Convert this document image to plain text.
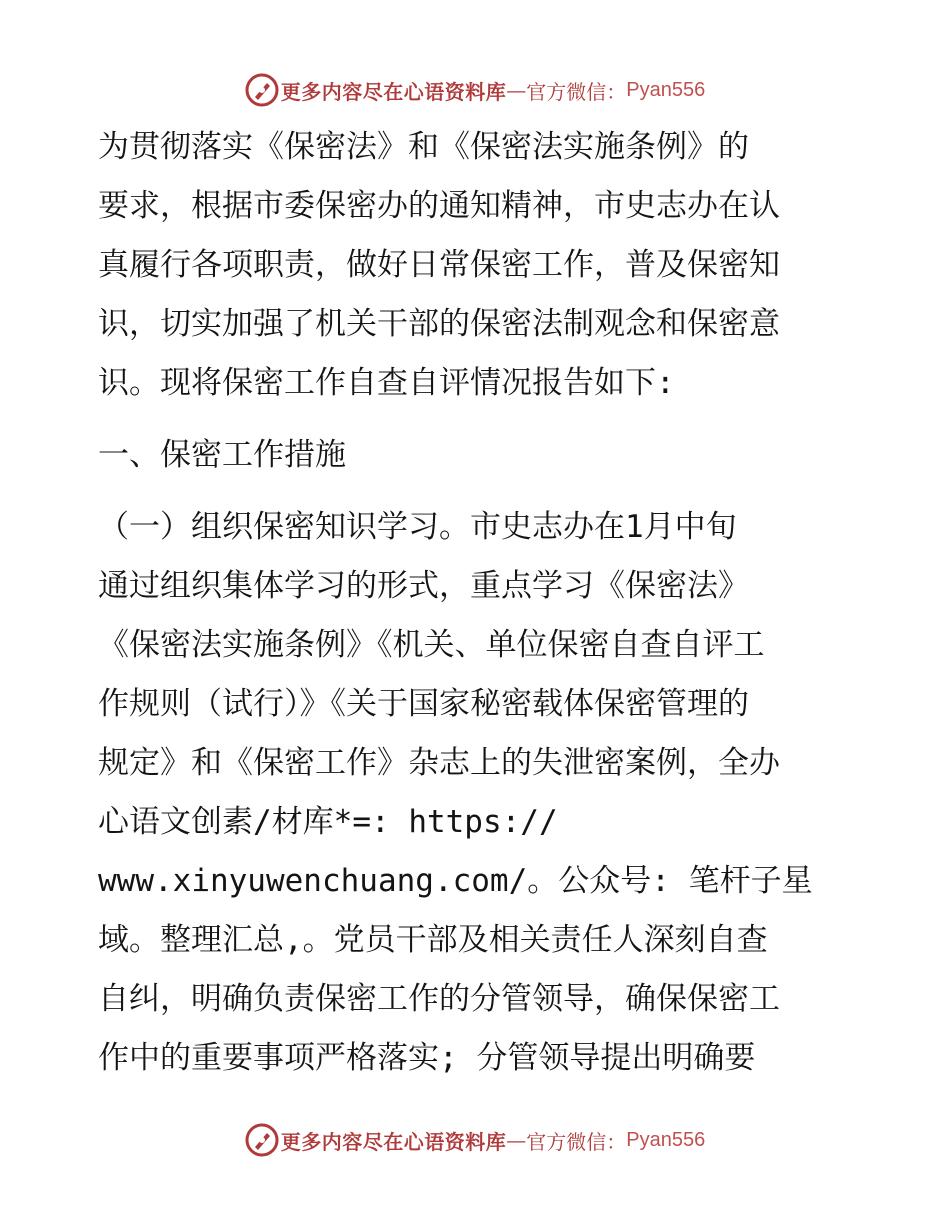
更多内容尽在心语资料库 — 官方微信： Pyan556
为贯彻落实《保密法》和《保密法实施条例》的
要求，根据市委保密办的通知精神，市史志办在认
真履行各项职责，做好日常保密工作，普及保密知
识，切实加强了机关干部的保密法制观念和保密意
识。现将保密工作自查自评情况报告如下:
一、保密工作措施
（一）组织保密知识学习。市史志办在1月中旬
通过组织集体学习的形式，重点学习《保密法》
《保密法实施条例》《机关、单位保密自查自评工
作规则（试行）》《关于国家秘密载体保密管理的
规定》和《保密工作》杂志上的失泄密案例，全办
心语文创素/材库*=: https://
www.xinyuwenchuang.com/。公众号: 笔杆子星
域。整理汇总,。党员干部及相关责任人深刻自查
自纠，明确负责保密工作的分管领导，确保保密工
作中的重要事项严格落实; 分管领导提出明确要
更多内容尽在心语资料库 — 官方微信： Pyan556
